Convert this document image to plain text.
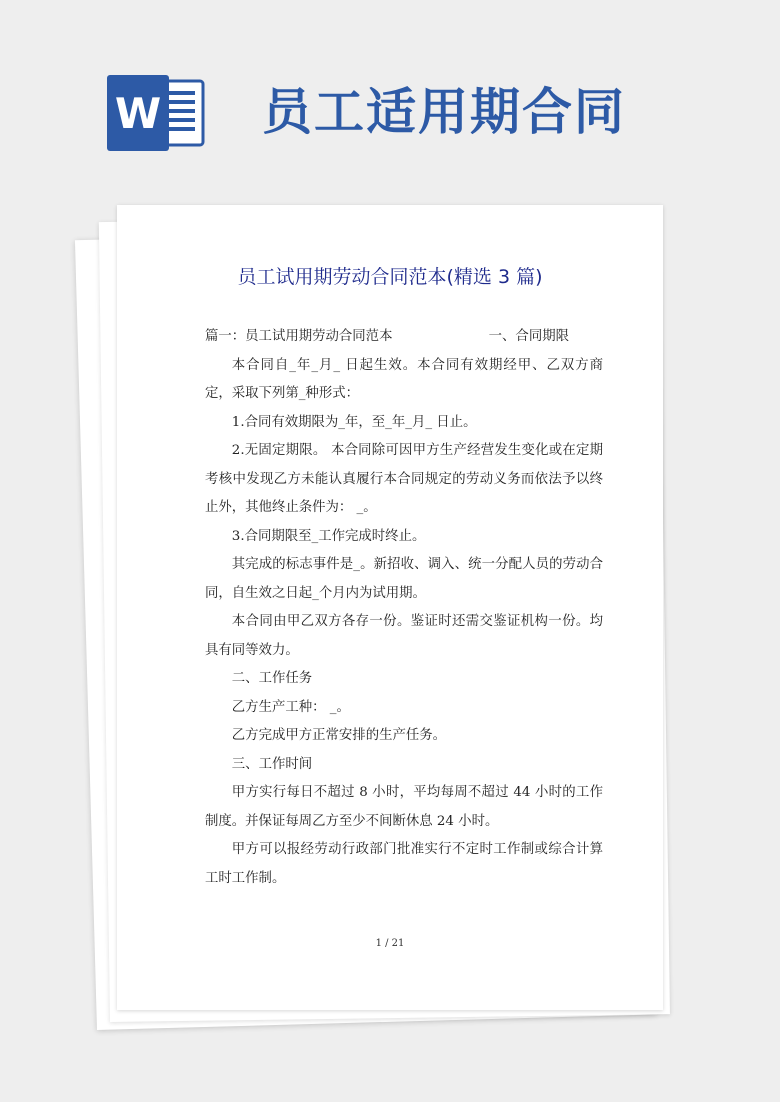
W 员工适用期合同
员工试用期劳动合同范本(精选 3 篇)

篇一：员工试用期劳动合同范本	一、合同期限

本合同自_年_月_ 日起生效。本合同有效期经甲、乙双方商定，采取下列第_种形式：

1.合同有效期限为_年，至_年_月_ 日止。

2.无固定期限。 本合同除可因甲方生产经营发生变化或在定期考核中发现乙方未能认真履行本合同规定的劳动义务而依法予以终止外，其他终止条件为： _。

3.合同期限至_工作完成时终止。

其完成的标志事件是_。新招收、调入、统一分配人员的劳动合同，自生效之日起_个月内为试用期。

本合同由甲乙双方各存一份。鉴证时还需交鉴证机构一份。均具有同等效力。

二、工作任务

乙方生产工种： _。

乙方完成甲方正常安排的生产任务。

三、工作时间

甲方实行每日不超过 8 小时，平均每周不超过 44 小时的工作制度。并保证每周乙方至少不间断休息 24 小时。

甲方可以报经劳动行政部门批准实行不定时工作制或综合计算工时工作制。

1 / 21
